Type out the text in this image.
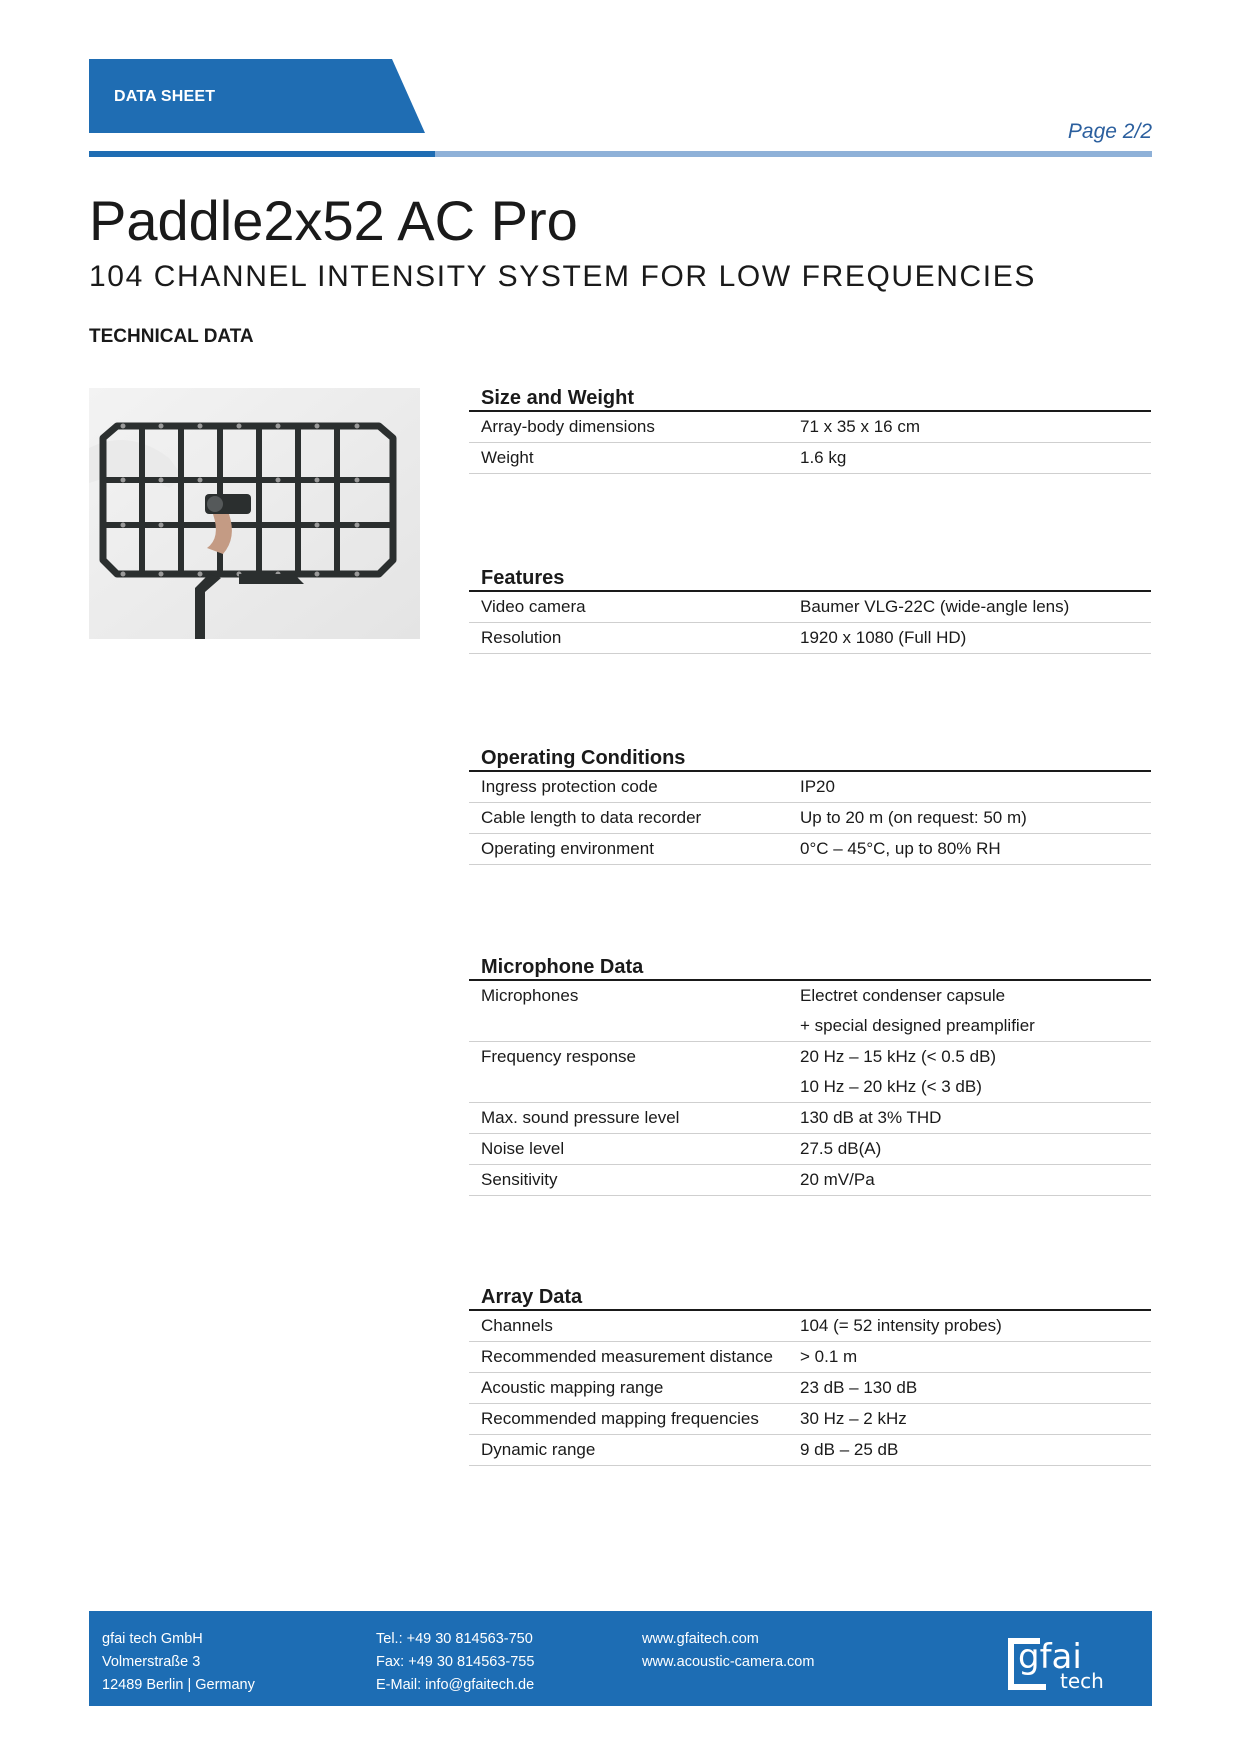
DATA SHEET
Page 2/2
Paddle2x52 AC Pro
104 CHANNEL INTENSITY SYSTEM FOR LOW FREQUENCIES
TECHNICAL DATA
Size and Weight
Array-body dimensions	71 x 35 x 16 cm
Weight	1.6 kg
Features
Video camera	Baumer VLG-22C (wide-angle lens)
Resolution	1920 x 1080 (Full HD)
Operating Conditions
Ingress protection code	IP20
Cable length to data recorder	Up to 20 m (on request: 50 m)
Operating environment	0°C – 45°C, up to 80% RH
Microphone Data
Microphones	Electret condenser capsule
+ special designed preamplifier
Frequency response	20 Hz – 15 kHz (< 0.5 dB)
10 Hz – 20 kHz (< 3 dB)
Max. sound pressure level	130 dB at 3% THD
Noise level	27.5 dB(A)
Sensitivity	20 mV/Pa
Array Data
Channels	104 (= 52 intensity probes)
Recommended measurement distance	> 0.1 m
Acoustic mapping range	23 dB – 130 dB
Recommended mapping frequencies	30 Hz – 2 kHz
Dynamic range	9 dB – 25 dB
gfai tech GmbH
Volmerstraße 3
12489 Berlin | Germany
Tel.: +49 30 814563-750
Fax: +49 30 814563-755
E-Mail: info@gfaitech.de
www.gfaitech.com
www.acoustic-camera.com	gfai
tech
